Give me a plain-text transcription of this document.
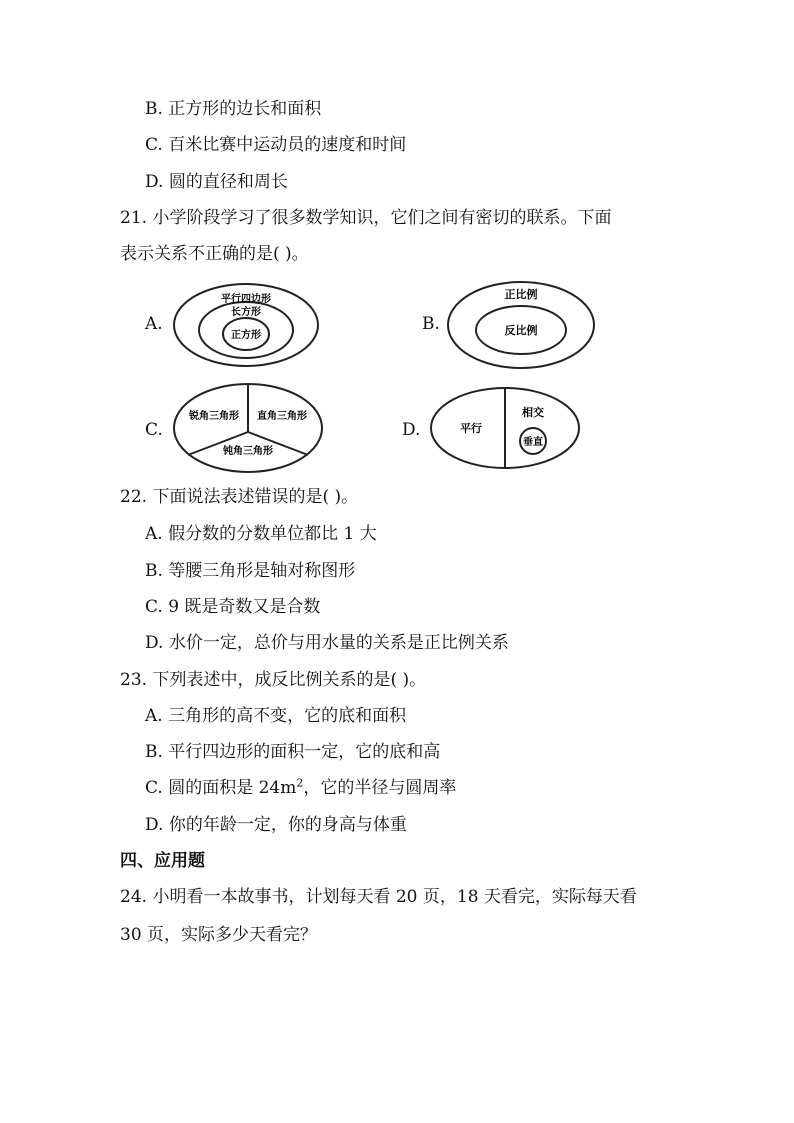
B. 正方形的边长和面积
C. 百米比赛中运动员的速度和时间
D. 圆的直径和周长
21. 小学阶段学习了很多数学知识，它们之间有密切的联系。下面
表示关系不正确的是( )。
A.
平行四边形
长方形
正方形
B.
正比例
反比例
C.
锐角三角形 直角三角形
钝角三角形
D.	平行
相交
垂直
22. 下面说法表述错误的是( )。
A. 假分数的分数单位都比 1 大
B. 等腰三角形是轴对称图形
C. 9 既是奇数又是合数
D. 水价一定，总价与用水量的关系是正比例关系
23. 下列表述中，成反比例关系的是( )。
A. 三角形的高不变，它的底和面积
B. 平行四边形的面积一定，它的底和高
C. 圆的面积是 $24m^2$，它的半径与圆周率
D. 你的年龄一定，你的身高与体重
四、应用题
24. 小明看一本故事书，计划每天看 20 页，18 天看完，实际每天看
30 页，实际多少天看完？
